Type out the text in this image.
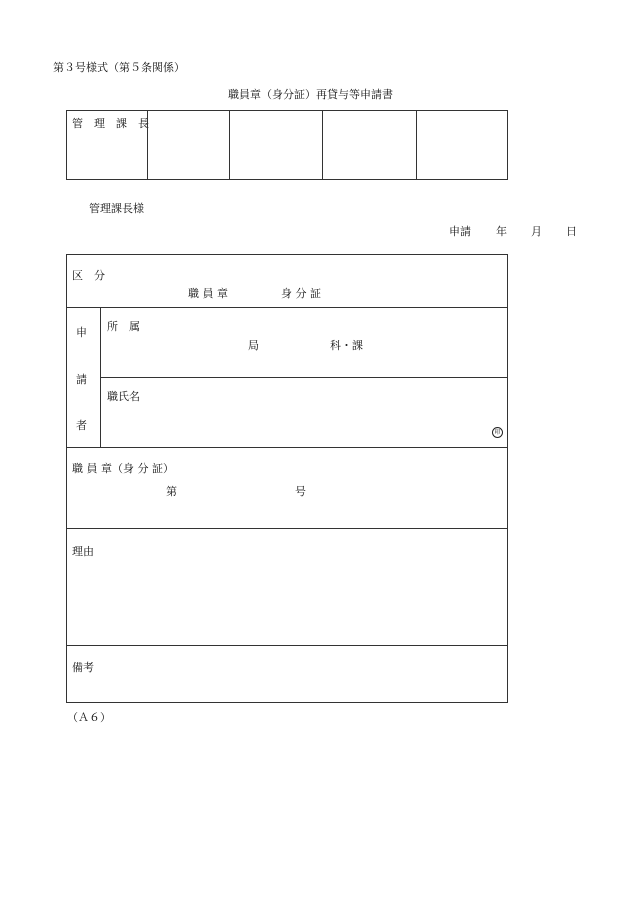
第３号様式（第５条関係）
職員章（身分証）再貸与等申請書
管　理　課　長
管理課長様
申請 年 月 日
区　分
職 員 章	身 分 証
申
請
者
所　属
局	科・課
職氏名
印
職 員 章（身 分 証）
第	号
理由
備考
（Ａ６）
